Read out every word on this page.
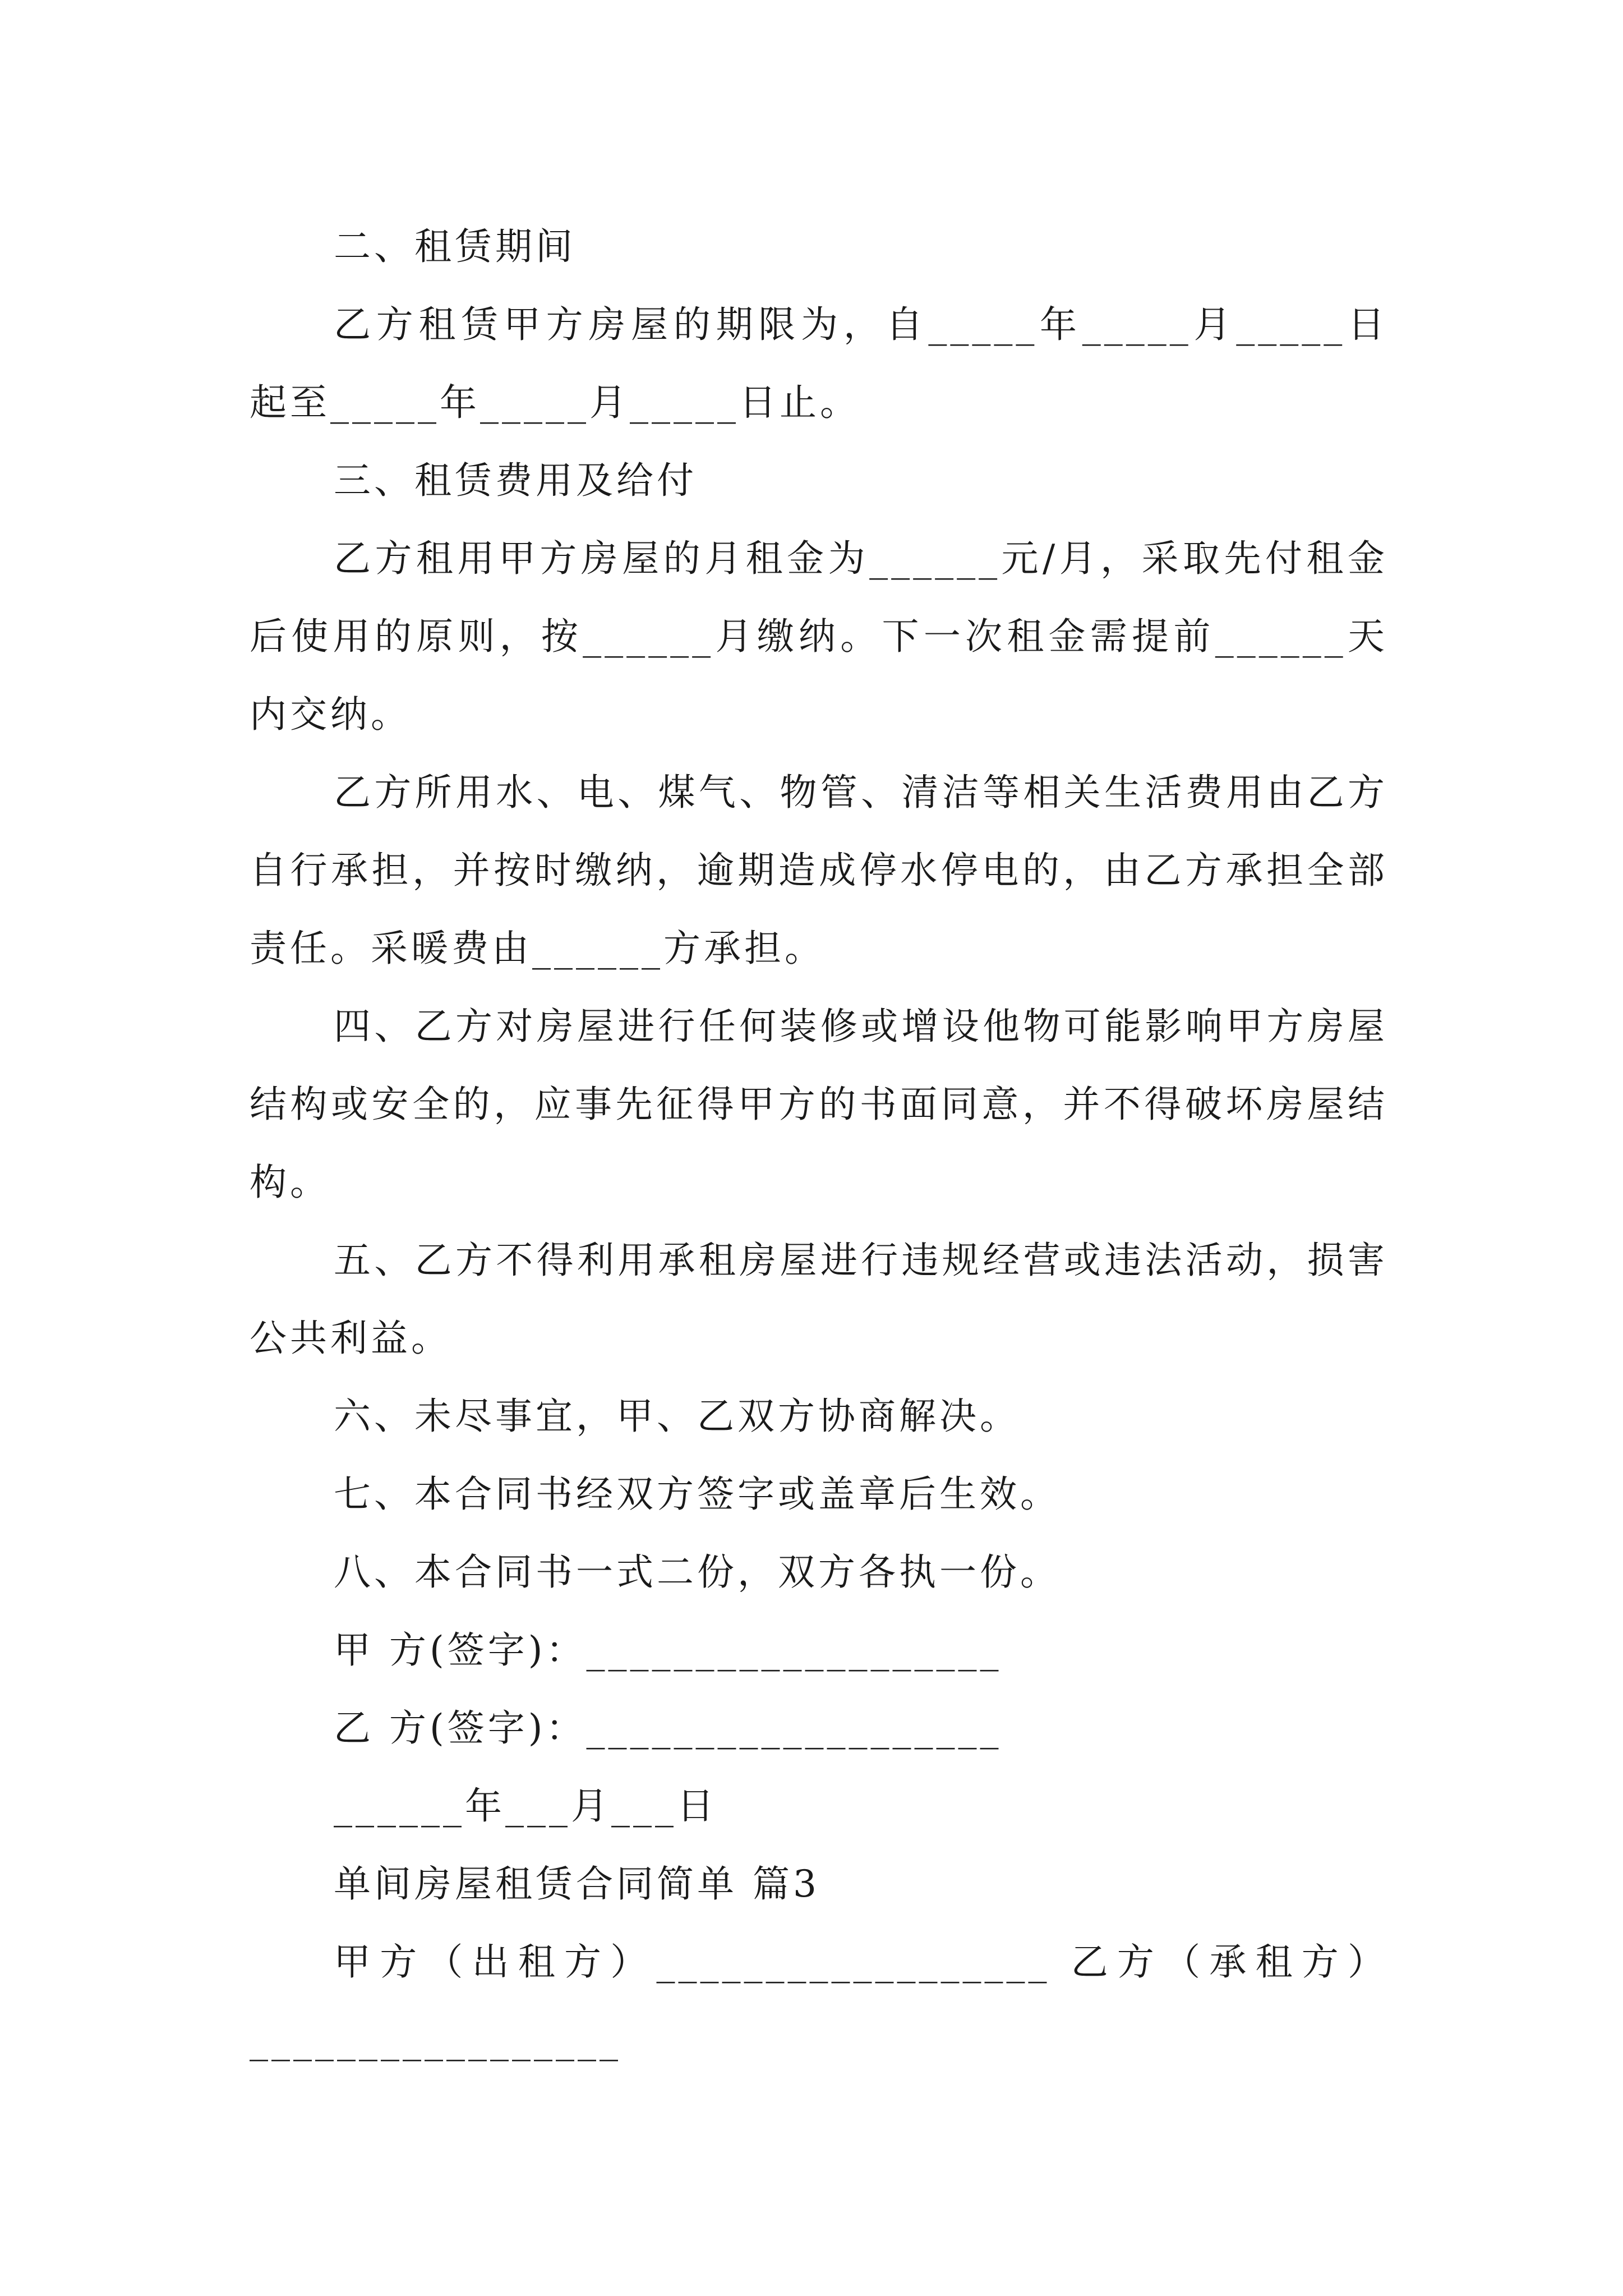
二、租赁期间

乙方租赁甲方房屋的期限为，自_____年_____月_____日起至_____年_____月_____日止。

三、租赁费用及给付

乙方租用甲方房屋的月租金为______元/月，采取先付租金后使用的原则，按______月缴纳。下一次租金需提前______天内交纳。

乙方所用水、电、煤气、物管、清洁等相关生活费用由乙方自行承担，并按时缴纳，逾期造成停水停电的，由乙方承担全部责任。采暖费由______方承担。

四、乙方对房屋进行任何装修或增设他物可能影响甲方房屋结构或安全的，应事先征得甲方的书面同意，并不得破坏房屋结构。

五、乙方不得利用承租房屋进行违规经营或违法活动，损害公共利益。

六、未尽事宜，甲、乙双方协商解决。

七、本合同书经双方签字或盖章后生效。

八、本合同书一式二份，双方各执一份。

甲 方(签字)：___________________

乙 方(签字)：___________________

______年___月___日

单间房屋租赁合同简单 篇3

甲方（出租方）__________________ 乙方（承租方）_________________
